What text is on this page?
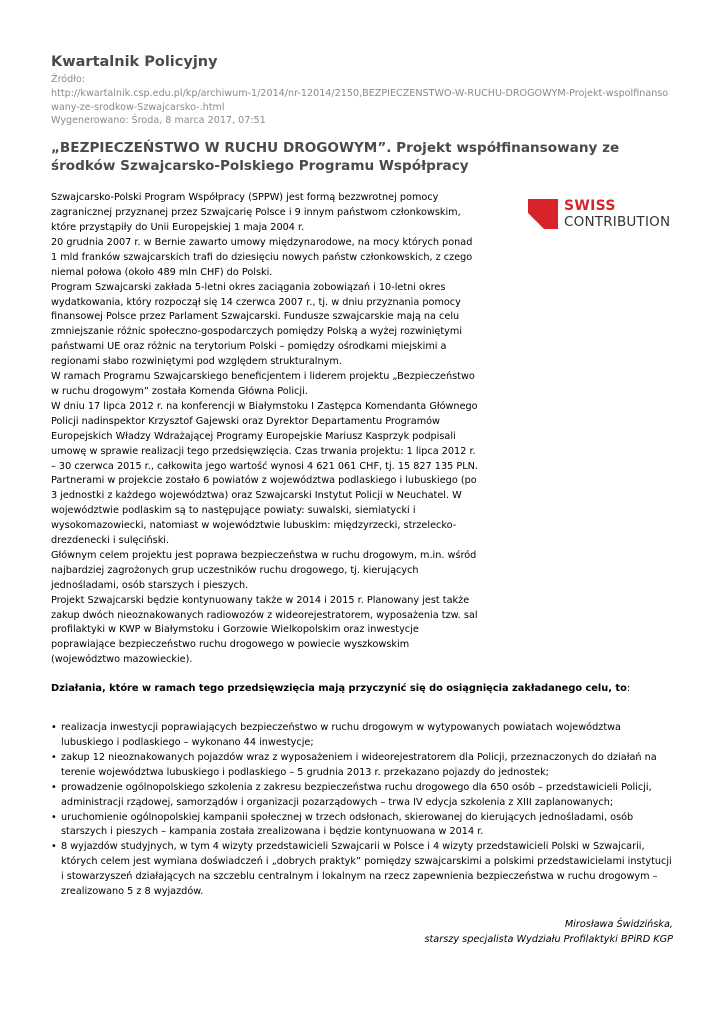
Kwartalnik Policyjny
Źródło:
http://kwartalnik.csp.edu.pl/kp/archiwum-1/2014/nr-12014/2150,BEZPIECZENSTWO-W-RUCHU-DROGOWYM-Projekt-wspolfinansowany-ze-srodkow-Szwajcarsko-.html
Wygenerowano: Środa, 8 marca 2017, 07:51
„BEZPIECZEŃSTWO W RUCHU DROGOWYM”. Projekt współfinansowany ze środków Szwajcarsko-Polskiego Programu Współpracy
SWISS
CONTRIBUTION

Szwajcarsko-Polski Program Współpracy (SPPW) jest formą bezzwrotnej pomocy zagranicznej przyznanej przez Szwajcarię Polsce i 9 innym państwom członkowskim, które przystąpiły do Unii Europejskiej 1 maja 2004 r.

20 grudnia 2007 r. w Bernie zawarto umowy międzynarodowe, na mocy których ponad 1 mld franków szwajcarskich trafi do dziesięciu nowych państw członkowskich, z czego niemal połowa (około 489 mln CHF) do Polski.

Program Szwajcarski zakłada 5-letni okres zaciągania zobowiązań i 10-letni okres wydatkowania, który rozpoczął się 14 czerwca 2007 r., tj. w dniu przyznania pomocy finansowej Polsce przez Parlament Szwajcarski. Fundusze szwajcarskie mają na celu zmniejszanie różnic społeczno-gospodarczych pomiędzy Polską a wyżej rozwiniętymi państwami UE oraz różnic na terytorium Polski – pomiędzy ośrodkami miejskimi a regionami słabo rozwiniętymi pod względem strukturalnym.

W ramach Programu Szwajcarskiego beneficjentem i liderem projektu „Bezpieczeństwo w ruchu drogowym” została Komenda Główna Policji.

W dniu 17 lipca 2012 r. na konferencji w Białymstoku I Zastępca Komendanta Głównego Policji nadinspektor Krzysztof Gajewski oraz Dyrektor Departamentu Programów Europejskich Władzy Wdrażającej Programy Europejskie Mariusz Kasprzyk podpisali umowę w sprawie realizacji tego przedsięwzięcia. Czas trwania projektu: 1 lipca 2012 r. – 30 czerwca 2015 r., całkowita jego wartość wynosi 4 621 061 CHF, tj. 15 827 135 PLN.

Partnerami w projekcie zostało 6 powiatów z województwa podlaskiego i lubuskiego (po 3 jednostki z każdego województwa) oraz Szwajcarski Instytut Policji w Neuchatel. W województwie podlaskim są to następujące powiaty: suwalski, siemiatycki i wysokomazowiecki, natomiast w województwie lubuskim: międzyrzecki, strzelecko-drezdenecki i sulęciński.

Głównym celem projektu jest poprawa bezpieczeństwa w ruchu drogowym, m.in. wśród najbardziej zagrożonych grup uczestników ruchu drogowego, tj. kierujących jednośladami, osób starszych i pieszych.

Projekt Szwajcarski będzie kontynuowany także w 2014 i 2015 r. Planowany jest także zakup dwóch nieoznakowanych radiowozów z wideorejestratorem, wyposażenia tzw. sal profilaktyki w KWP w Białymstoku i Gorzowie Wielkopolskim oraz inwestycje poprawiające bezpieczeństwo ruchu drogowego w powiecie wyszkowskim (województwo mazowieckie).

Działania, które w ramach tego przedsięwzięcia mają przyczynić się do osiągnięcia zakładanego celu, to:

• realizacja inwestycji poprawiających bezpieczeństwo w ruchu drogowym w wytypowanych powiatach województwa lubuskiego i podlaskiego – wykonano 44 inwestycje;
• zakup 12 nieoznakowanych pojazdów wraz z wyposażeniem i wideorejestratorem dla Policji, przeznaczonych do działań na terenie województwa lubuskiego i podlaskiego – 5 grudnia 2013 r. przekazano pojazdy do jednostek;
• prowadzenie ogólnopolskiego szkolenia z zakresu bezpieczeństwa ruchu drogowego dla 650 osób – przedstawicieli Policji, administracji rządowej, samorządów i organizacji pozarządowych – trwa IV edycja szkolenia z XIII zaplanowanych;
• uruchomienie ogólnopolskiej kampanii społecznej w trzech odsłonach, skierowanej do kierujących jednośladami, osób starszych i pieszych – kampania została zrealizowana i będzie kontynuowana w 2014 r.
• 8 wyjazdów studyjnych, w tym 4 wizyty przedstawicieli Szwajcarii w Polsce i 4 wizyty przedstawicieli Polski w Szwajcarii, których celem jest wymiana doświadczeń i „dobrych praktyk” pomiędzy szwajcarskimi a polskimi przedstawicielami instytucji i stowarzyszeń działających na szczeblu centralnym i lokalnym na rzecz zapewnienia bezpieczeństwa w ruchu drogowym – zrealizowano 5 z 8 wyjazdów.
Mirosława Świdzińska,
starszy specjalista Wydziału Profilaktyki BPiRD KGP
